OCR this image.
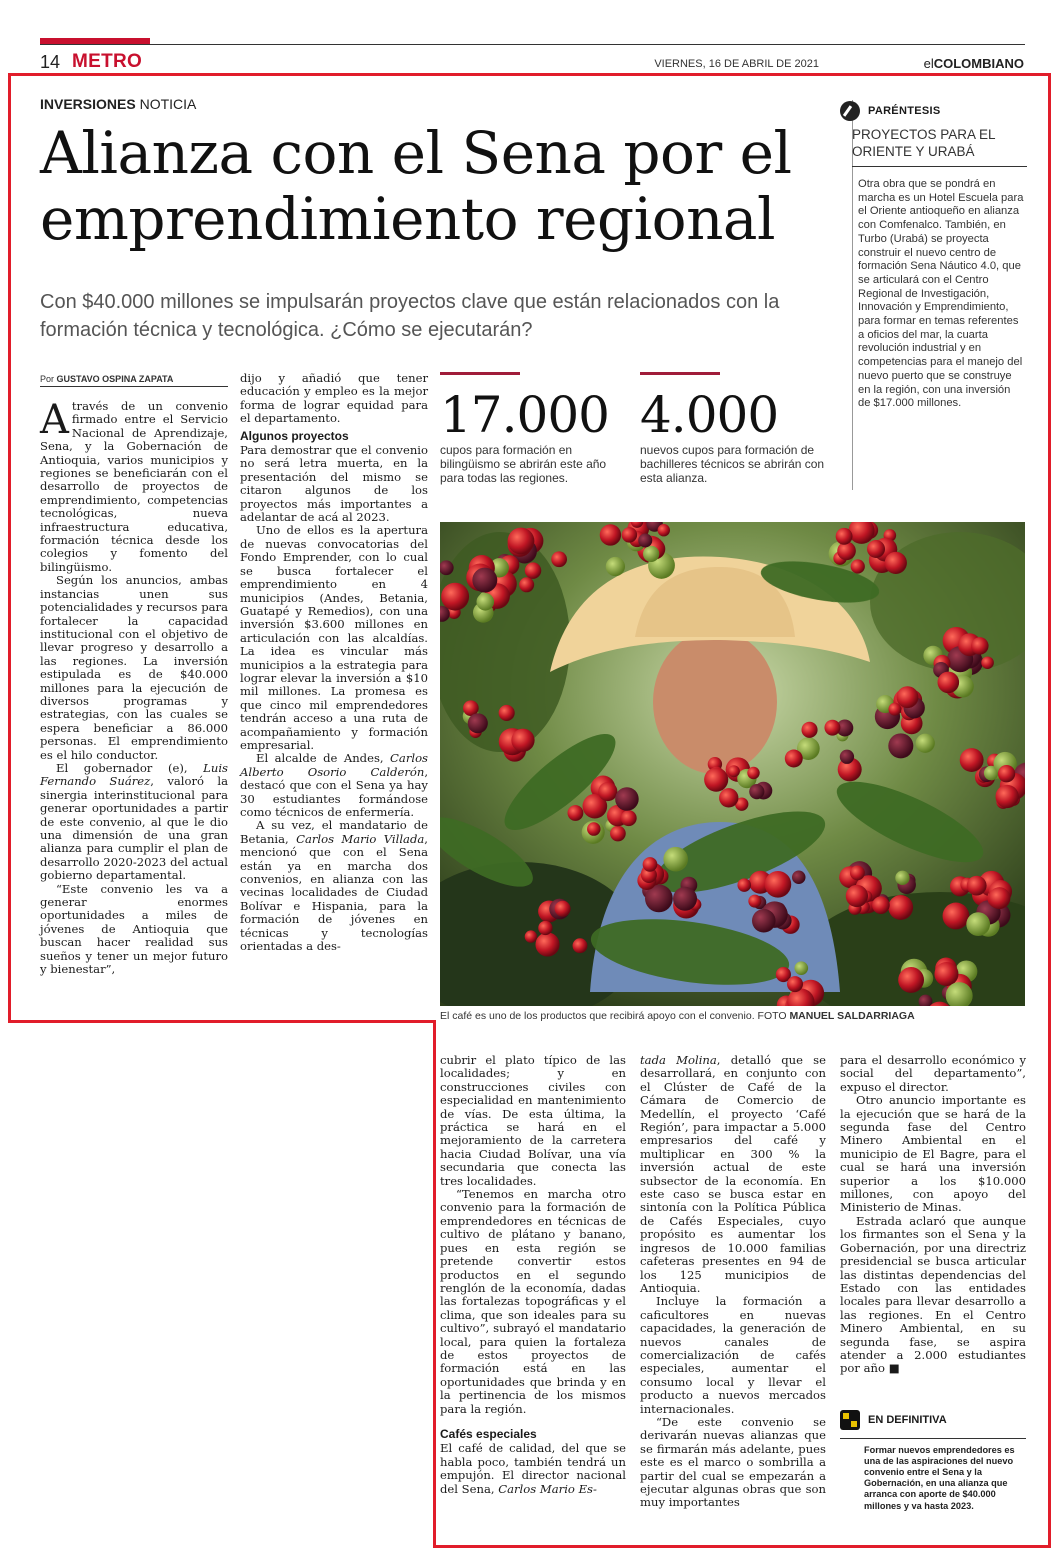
14 METRO	VIERNES, 16 DE ABRIL DE 2021	elCOLOMBIANO
INVERSIONES NOTICIA
Alianza con el Sena por el emprendimiento regional
Con $40.000 millones se impulsarán proyectos clave que están relacionados con la formación técnica y tecnológica. ¿Cómo se ejecutarán?
Por GUSTAVO OSPINA ZAPATA

Através de un convenio firmado entre el Servicio Nacional de Aprendizaje, Sena, y la Gobernación de Antioquia, varios municipios y regiones se beneficiarán con el desarrollo de proyectos de emprendimiento, competencias tecnológicas, nueva infraestructura educativa, formación técnica desde los colegios y fomento del bilingüismo.

Según los anuncios, ambas instancias unen sus potencialidades y recursos para fortalecer la capacidad institucional con el objetivo de llevar progreso y desarrollo a las regiones. La inversión estipulada es de $40.000 millones para la ejecución de diversos programas y estrategias, con las cuales se espera beneficiar a 86.000 personas. El emprendimiento es el hilo conductor.

El gobernador (e), Luis Fernando Suárez, valoró la sinergia interinstitucional para generar oportunidades a partir de este convenio, al que le dio una dimensión de una gran alianza para cumplir el plan de desarrollo 2020-2023 del actual gobierno departamental.

“Este convenio les va a generar enormes oportunidades a miles de jóvenes de Antioquia que buscan hacer realidad sus sueños y tener un mejor futuro y bienestar”,

dijo y añadió que tener educación y empleo es la mejor forma de lograr equidad para el departamento.

Algunos proyectos

Para demostrar que el convenio no será letra muerta, en la presentación del mismo se citaron algunos de los proyectos más importantes a adelantar de acá al 2023.

Uno de ellos es la apertura de nuevas convocatorias del Fondo Emprender, con lo cual se busca fortalecer el emprendimiento en 4 municipios (Andes, Betania, Guatapé y Remedios), con una inversión $3.600 millones en articulación con las alcaldías. La idea es vincular más municipios a la estrategia para lograr elevar la inversión a $10 mil millones. La promesa es que cinco mil emprendedores tendrán acceso a una ruta de acompañamiento y formación empresarial.

El alcalde de Andes, Carlos Alberto Osorio Calderón, destacó que con el Sena ya hay 30 estudiantes formándose como técnicos de enfermería.

A su vez, el mandatario de Betania, Carlos Mario Villada, mencionó que con el Sena están ya en marcha dos convenios, en alianza con las vecinas localidades de Ciudad Bolívar e Hispania, para la formación de jóvenes en técnicas y tecnologías orientadas a des-

17.000
cupos para formación en bilingüismo se abrirán este año para todas las regiones.
4.000
nuevos cupos para formación de bachilleres técnicos se abrirán con esta alianza.
PARÉNTESIS
PROYECTOS PARA EL ORIENTE Y URABÁ
Otra obra que se pondrá en marcha es un Hotel Escuela para el Oriente antioqueño en alianza con Comfenalco. También, en Turbo (Urabá) se proyecta construir el nuevo centro de formación Sena Náutico 4.0, que se articulará con el Centro Regional de Investigación, Innovación y Emprendimiento, para formar en temas referentes a oficios del mar, la cuarta revolución industrial y en competencias para el manejo del nuevo puerto que se construye en la región, con una inversión de $17.000 millones.
El café es uno de los productos que recibirá apoyo con el convenio. FOTO MANUEL SALDARRIAGA

cubrir el plato típico de las localidades; y en construcciones civiles con especialidad en mantenimiento de vías. De esta última, la práctica se hará en el mejoramiento de la carretera hacia Ciudad Bolívar, una vía secundaria que conecta las tres localidades.

“Tenemos en marcha otro convenio para la formación de emprendedores en técnicas de cultivo de plátano y banano, pues en esta región se pretende convertir estos productos en el segundo renglón de la economía, dadas las fortalezas topográficas y el clima, que son ideales para su cultivo”, subrayó el mandatario local, para quien la fortaleza de estos proyectos de formación está en las oportunidades que brinda y en la pertinencia de los mismos para la región.

Cafés especiales

El café de calidad, del que se habla poco, también tendrá un empujón. El director nacional del Sena, Carlos Mario Es-

tada Molina, detalló que se desarrollará, en conjunto con el Clúster de Café de la Cámara de Comercio de Medellín, el proyecto ‘Café Región’, para impactar a 5.000 empresarios del café y multiplicar en 300 % la inversión actual de este subsector de la economía. En este caso se busca estar en sintonía con la Política Pública de Cafés Especiales, cuyo propósito es aumentar los ingresos de 10.000 familias cafeteras presentes en 94 de los 125 municipios de Antioquia.

Incluye la formación a caficultores en nuevas capacidades, la generación de nuevos canales de comercialización de cafés especiales, aumentar el consumo local y llevar el producto a nuevos mercados internacionales.

“De este convenio se derivarán nuevas alianzas que se firmarán más adelante, pues este es el marco o sombrilla a partir del cual se empezarán a ejecutar algunas obras que son muy importantes

para el desarrollo económico y social del departamento”, expuso el director.

Otro anuncio importante es la ejecución que se hará de la segunda fase del Centro Minero Ambiental en el municipio de El Bagre, para el cual se hará una inversión superior a los $10.000 millones, con apoyo del Ministerio de Minas.

Estrada aclaró que aunque los firmantes son el Sena y la Gobernación, por una directriz presidencial se busca articular las distintas dependencias del Estado con las entidades locales para llevar desarrollo a las regiones. En el Centro Minero Ambiental, en su segunda fase, se aspira atender a 2.000 estudiantes por año ■

EN DEFINITIVA
Formar nuevos emprendedores es una de las aspiraciones del nuevo convenio entre el Sena y la Gobernación, en una alianza que arranca con aporte de $40.000 millones y va hasta 2023.
